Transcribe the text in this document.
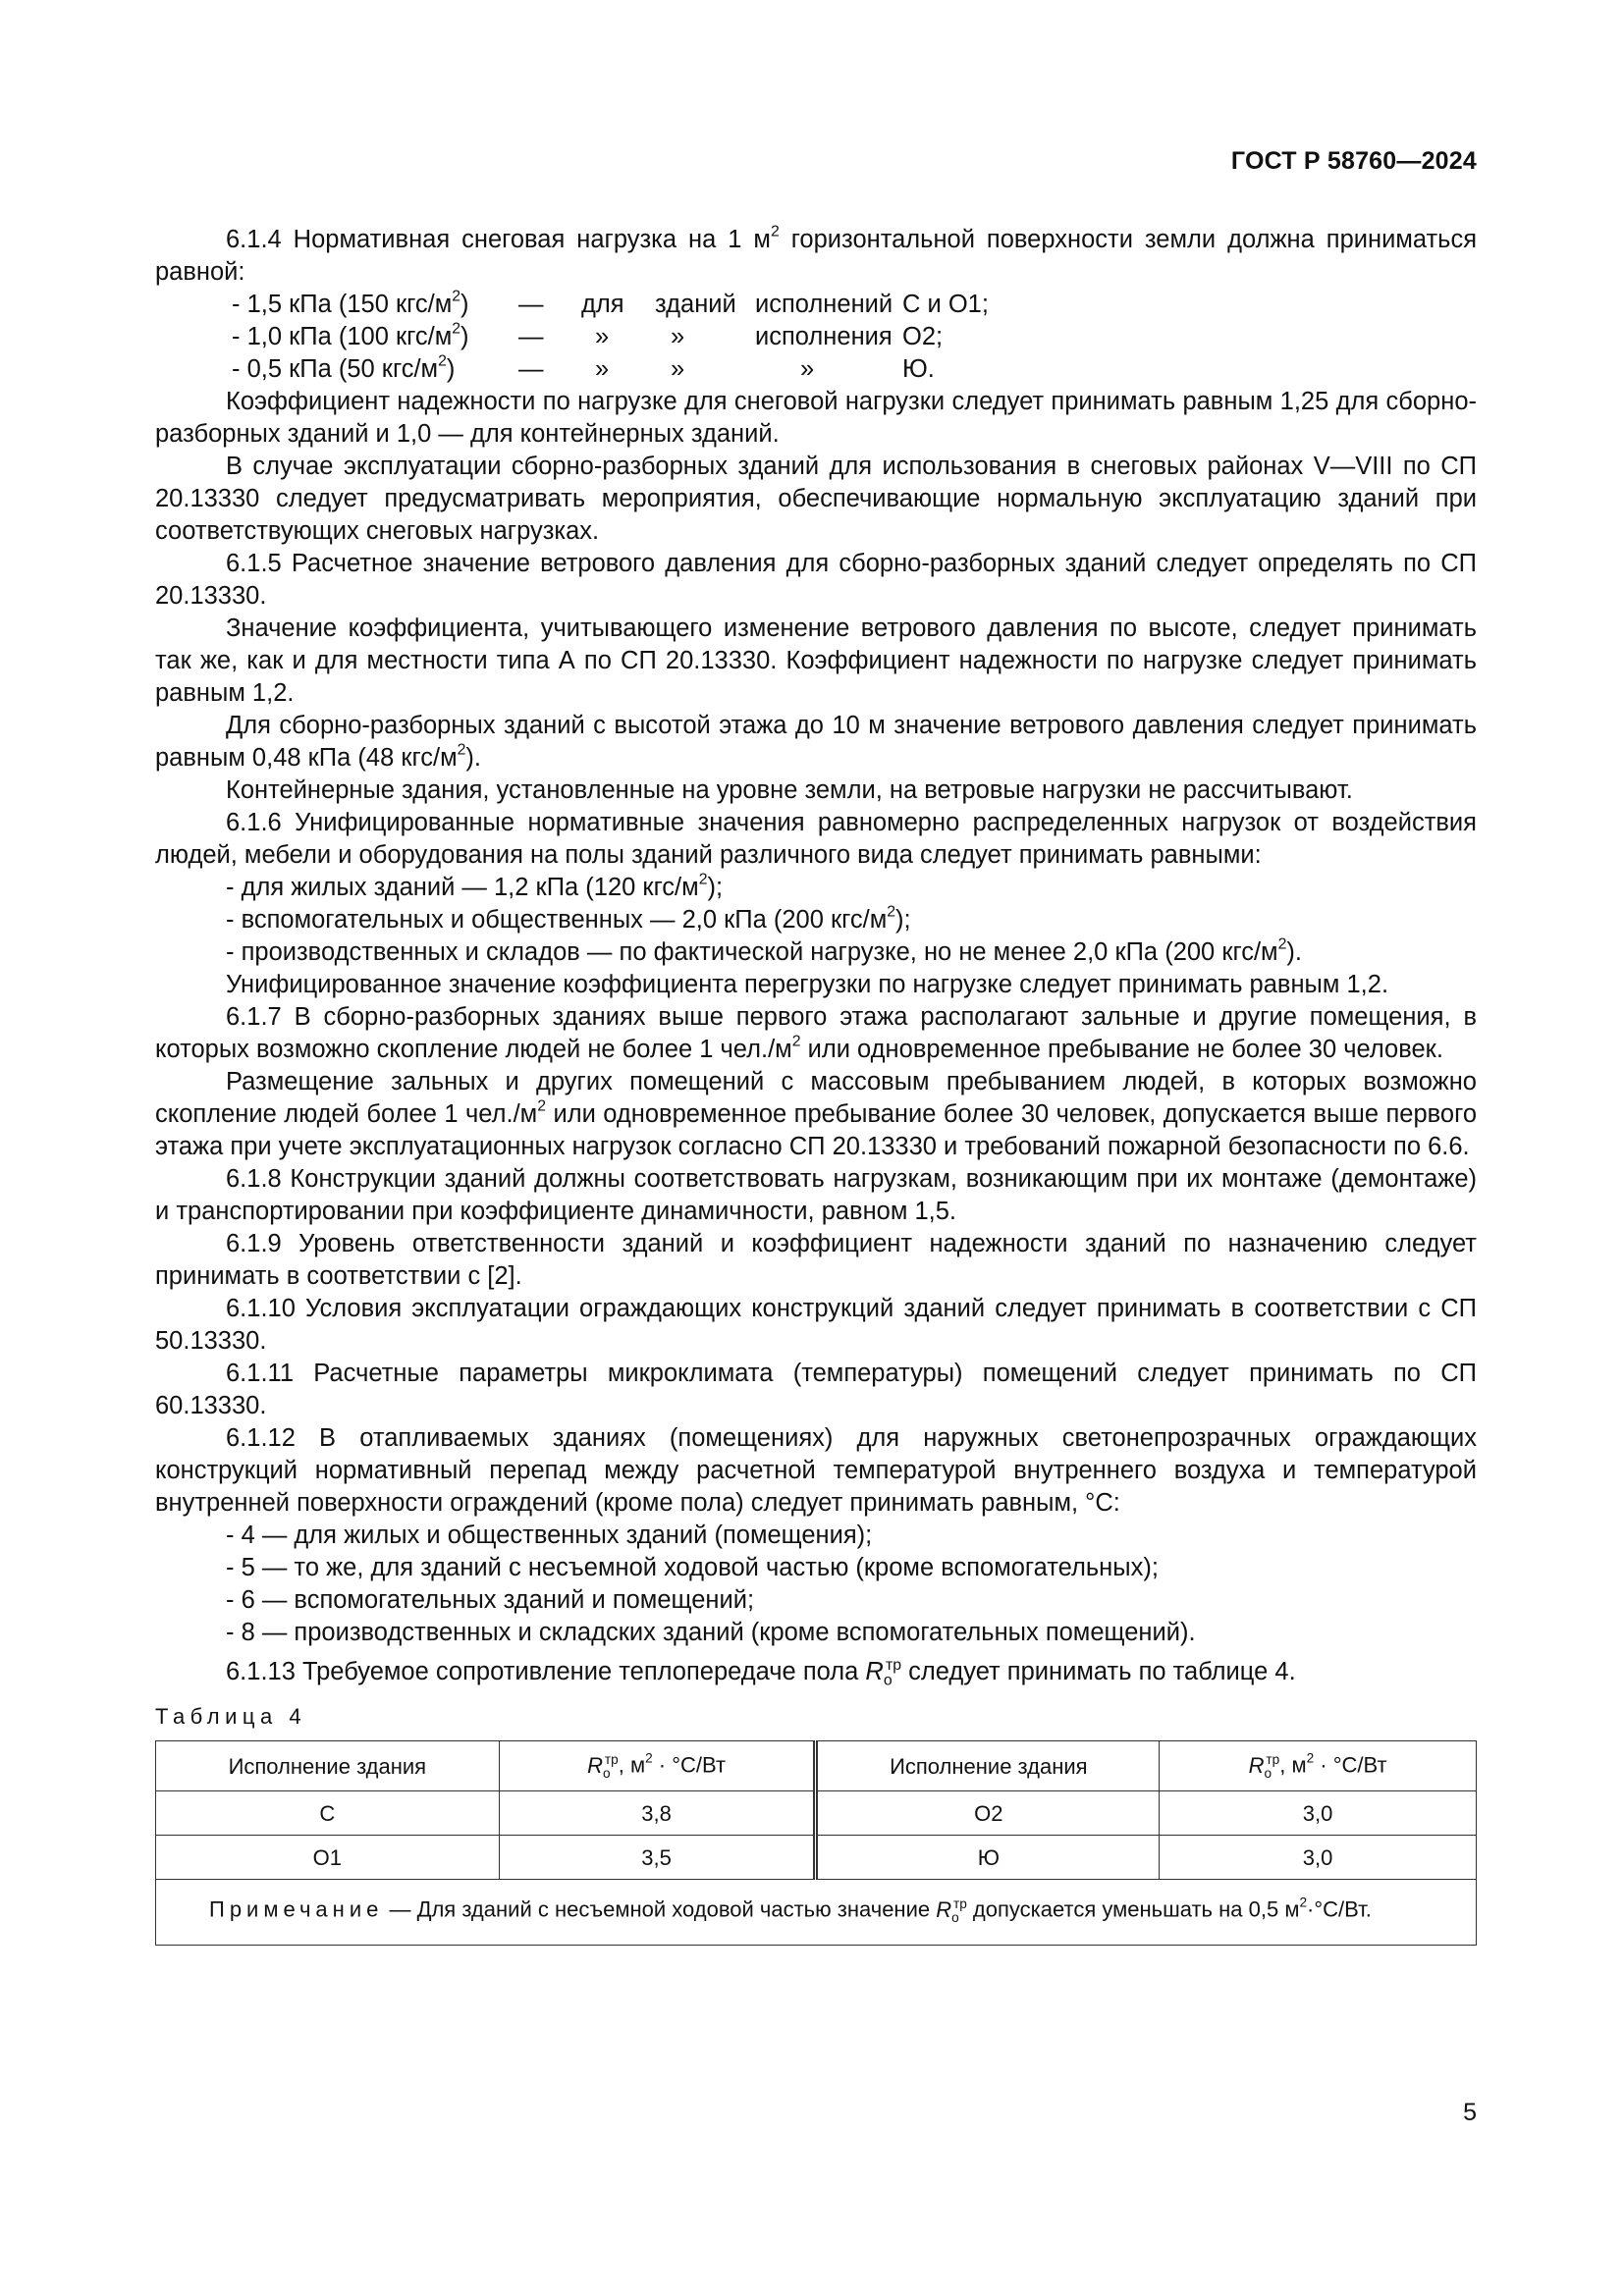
ГОСТ Р 58760—2024

6.1.4 Нормативная снеговая нагрузка на 1 $м^2$ горизонтальной поверхности земли должна приниматься равной:

- 1,5 кПа (150 кгс/$м^2$) — для зданий исполнений С и О1;
- 1,0 кПа (100 кгс/$м^2$) — » »	исполнения О2;
- 0,5 кПа (50 кгс/$м^2$)	— » »	»	Ю.

Коэффициент надежности по нагрузке для снеговой нагрузки следует принимать равным 1,25 для сборно-разборных зданий и 1,0 — для контейнерных зданий.

В случае эксплуатации сборно-разборных зданий для использования в снеговых районах V—VIII по СП 20.13330 следует предусматривать мероприятия, обеспечивающие нормальную эксплуатацию зданий при соответствующих снеговых нагрузках.

6.1.5 Расчетное значение ветрового давления для сборно-разборных зданий следует определять по СП 20.13330.

Значение коэффициента, учитывающего изменение ветрового давления по высоте, следует принимать так же, как и для местности типа А по СП 20.13330. Коэффициент надежности по нагрузке следует принимать равным 1,2.

Для сборно-разборных зданий с высотой этажа до 10 м значение ветрового давления следует принимать равным 0,48 кПа (48 кгс/$м^2$).

Контейнерные здания, установленные на уровне земли, на ветровые нагрузки не рассчитывают.

6.1.6 Унифицированные нормативные значения равномерно распределенных нагрузок от воздействия людей, мебели и оборудования на полы зданий различного вида следует принимать равными:

- для жилых зданий — 1,2 кПа (120 кгс/$м^2$);
- вспомогательных и общественных — 2,0 кПа (200 кгс/$м^2$);
- производственных и складов — по фактической нагрузке, но не менее 2,0 кПа (200 кгс/$м^2$).

Унифицированное значение коэффициента перегрузки по нагрузке следует принимать равным 1,2.

6.1.7 В сборно-разборных зданиях выше первого этажа располагают зальные и другие помещения, в которых возможно скопление людей не более 1 $чел./м^2$ или одновременное пребывание не более 30 человек.

Размещение зальных и других помещений с массовым пребыванием людей, в которых возможно скопление людей более 1 $чел./м^2$ или одновременное пребывание более 30 человек, допускается выше первого этажа при учете эксплуатационных нагрузок согласно СП 20.13330 и требований пожарной безопасности по 6.6.

6.1.8 Конструкции зданий должны соответствовать нагрузкам, возникающим при их монтаже (демонтаже) и транспортировании при коэффициенте динамичности, равном 1,5.

6.1.9 Уровень ответственности зданий и коэффициент надежности зданий по назначению следует принимать в соответствии с [2].

6.1.10 Условия эксплуатации ограждающих конструкций зданий следует принимать в соответствии с СП 50.13330.

6.1.11 Расчетные параметры микроклимата (температуры) помещений следует принимать по СП 60.13330.

6.1.12 В отапливаемых зданиях (помещениях) для наружных светонепрозрачных ограждающих конструкций нормативный перепад между расчетной температурой внутреннего воздуха и температурой внутренней поверхности ограждений (кроме пола) следует принимать равным, °С:

- 4 — для жилых и общественных зданий (помещения);
- 5 — то же, для зданий с несъемной ходовой частью (кроме вспомогательных);
- 6 — вспомогательных зданий и помещений;
- 8 — производственных и складских зданий (кроме вспомогательных помещений).

6.1.13 Требуемое сопротивление теплопередаче пола $R_o^{тр}$ следует принимать по таблице 4.

Таблица 4

Исполнение здания	$R_o^{тр}$, $м^2 \cdot ^\circ С/Вт$	Исполнение здания	$R_o^{тр}$, $м^2 \cdot ^\circ С/Вт$
С	3,8	О2	3,0
О1	3,5	Ю	3,0
Примечание — Для зданий с несъемной ходовой частью значение $R_o^{тр}$ допускается уменьшать на 0,5 $м^2\cdot^\circ С/Вт$.			
5
